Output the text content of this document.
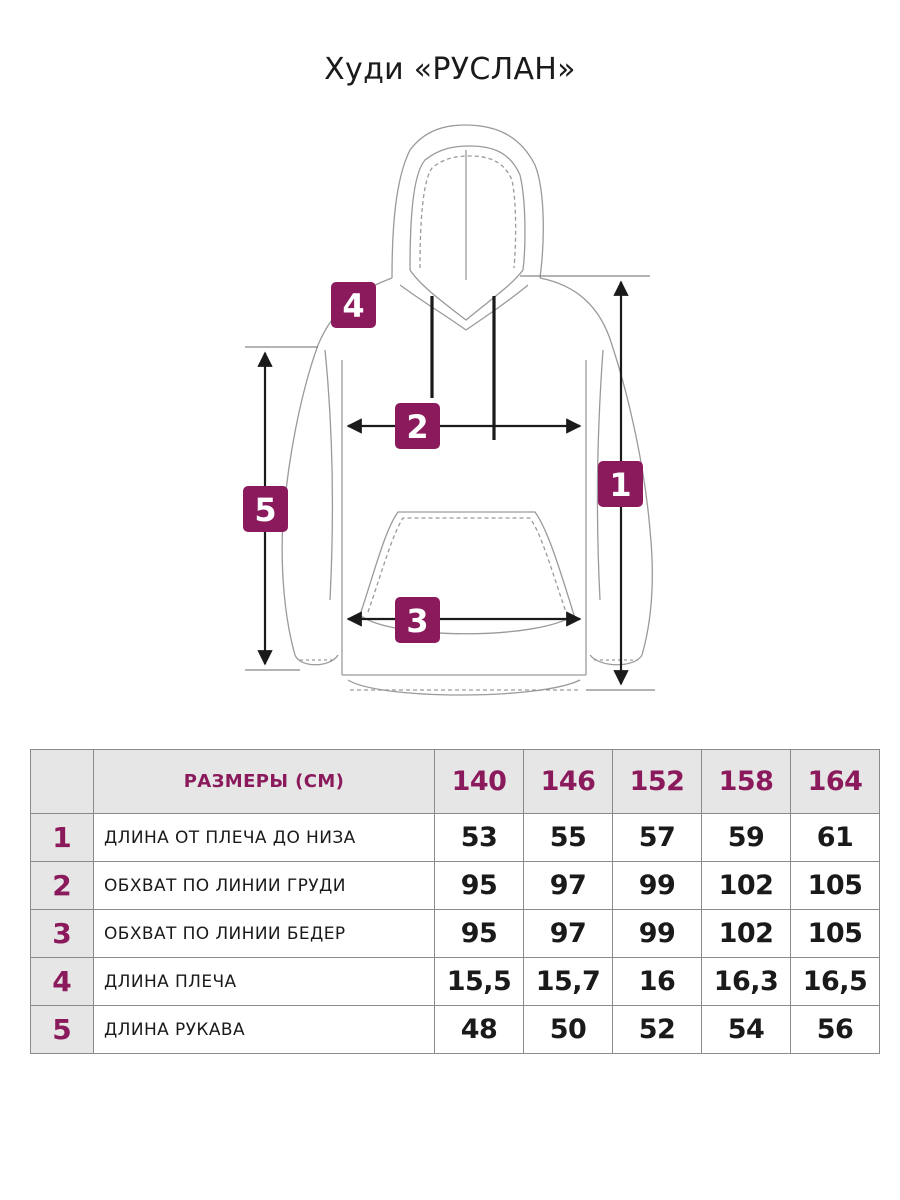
Худи «РУСЛАН»
1
2
3
4
5
	РАЗМЕРЫ (СМ)	140	146	152	158	164
1	ДЛИНА ОТ ПЛЕЧА ДО НИЗА	53	55	57	59	61
2	ОБХВАТ ПО ЛИНИИ ГРУДИ	95	97	99	102	105
3	ОБХВАТ ПО ЛИНИИ БЕДЕР	95	97	99	102	105
4	ДЛИНА ПЛЕЧА	15,5	15,7	16	16,3	16,5
5	ДЛИНА РУКАВА	48	50	52	54	56
